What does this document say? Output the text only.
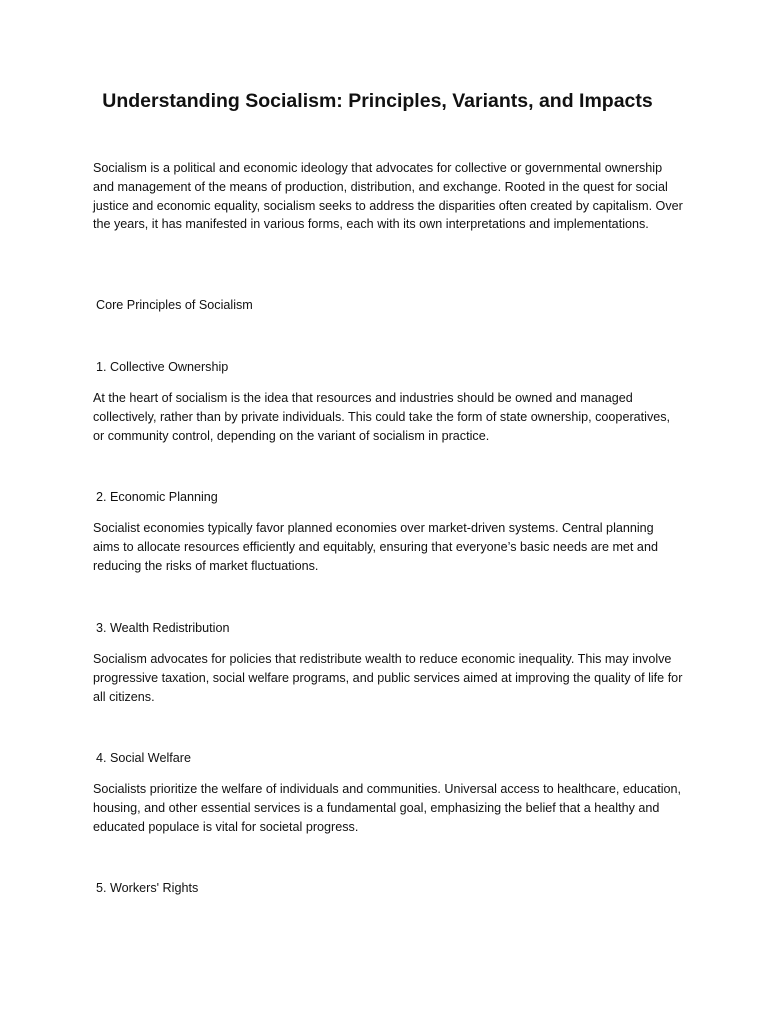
Understanding Socialism: Principles, Variants, and Impacts

Socialism is a political and economic ideology that advocates for collective or governmental ownership and management of the means of production, distribution, and exchange. Rooted in the quest for social justice and economic equality, socialism seeks to address the disparities often created by capitalism. Over the years, it has manifested in various forms, each with its own interpretations and implementations.

Core Principles of Socialism

1. Collective Ownership

At the heart of socialism is the idea that resources and industries should be owned and managed collectively, rather than by private individuals. This could take the form of state ownership, cooperatives, or community control, depending on the variant of socialism in practice.

2. Economic Planning

Socialist economies typically favor planned economies over market-driven systems. Central planning aims to allocate resources efficiently and equitably, ensuring that everyone’s basic needs are met and reducing the risks of market fluctuations.

3. Wealth Redistribution

Socialism advocates for policies that redistribute wealth to reduce economic inequality. This may involve progressive taxation, social welfare programs, and public services aimed at improving the quality of life for all citizens.

4. Social Welfare

Socialists prioritize the welfare of individuals and communities. Universal access to healthcare, education, housing, and other essential services is a fundamental goal, emphasizing the belief that a healthy and educated populace is vital for societal progress.

5. Workers' Rights
